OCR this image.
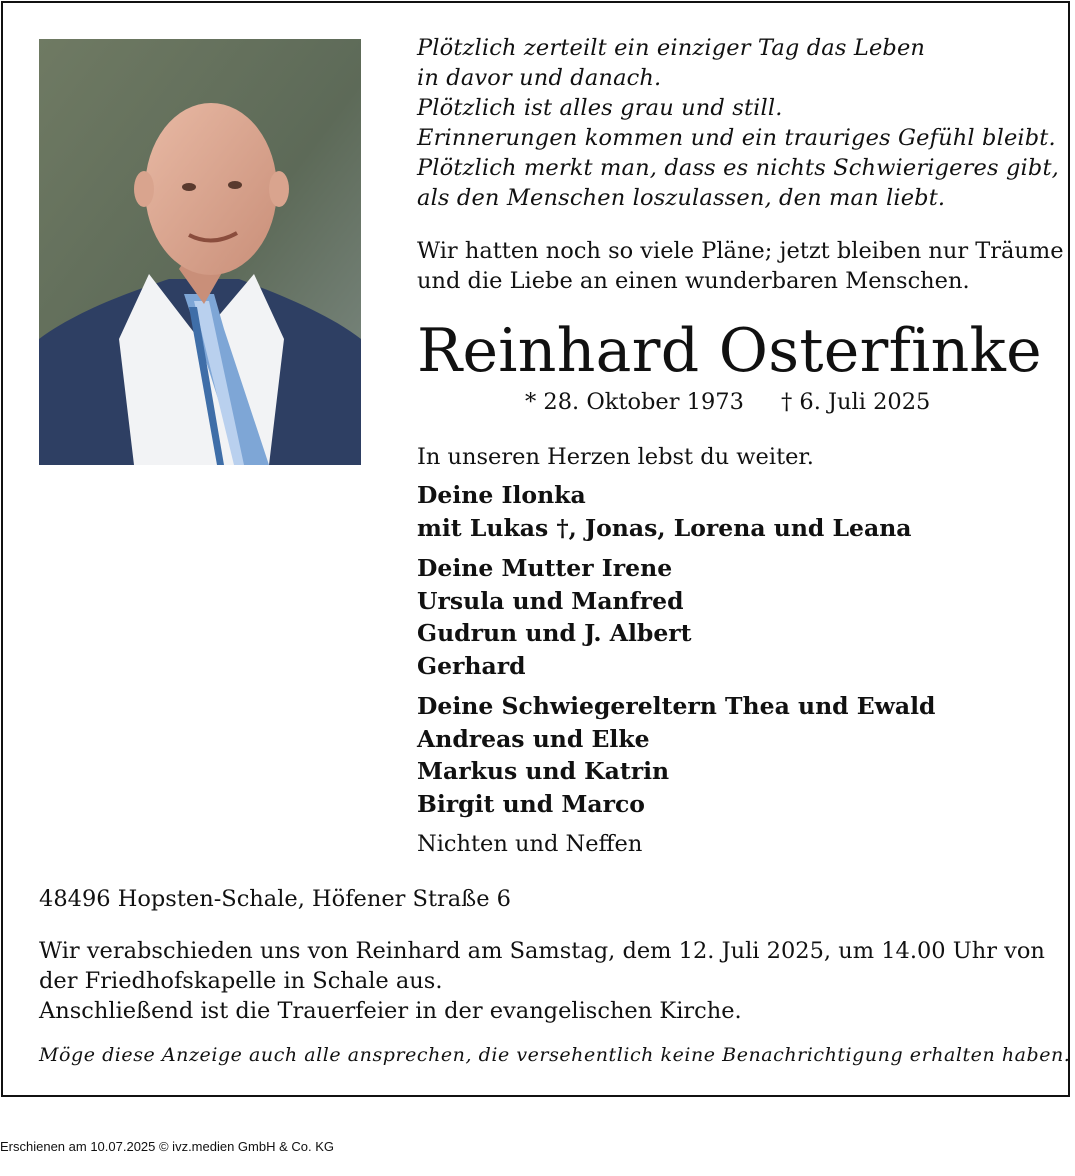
Plötzlich zerteilt ein einziger Tag das Leben
in davor und danach.
Plötzlich ist alles grau und still.
Erinnerungen kommen und ein trauriges Gefühl bleibt.
Plötzlich merkt man, dass es nichts Schwierigeres gibt,
als den Menschen loszulassen, den man liebt.
Wir hatten noch so viele Pläne; jetzt bleiben nur Träume
und die Liebe an einen wunderbaren Menschen.
Reinhard Osterfinke
* 28. Oktober 1973 † 6. Juli 2025
In unseren Herzen lebst du weiter.
Deine Ilonka
mit Lukas †, Jonas, Lorena und Leana
Deine Mutter Irene
Ursula und Manfred
Gudrun und J. Albert
Gerhard
Deine Schwiegereltern Thea und Ewald
Andreas und Elke
Markus und Katrin
Birgit und Marco
Nichten und Neffen
48496 Hopsten-Schale, Höfener Straße 6
Wir verabschieden uns von Reinhard am Samstag, dem 12. Juli 2025, um 14.00 Uhr von
der Friedhofskapelle in Schale aus.
Anschließend ist die Trauerfeier in der evangelischen Kirche.
Möge diese Anzeige auch alle ansprechen, die versehentlich keine Benachrichtigung erhalten haben.
Erschienen am 10.07.2025 © ivz.medien GmbH & Co. KG
